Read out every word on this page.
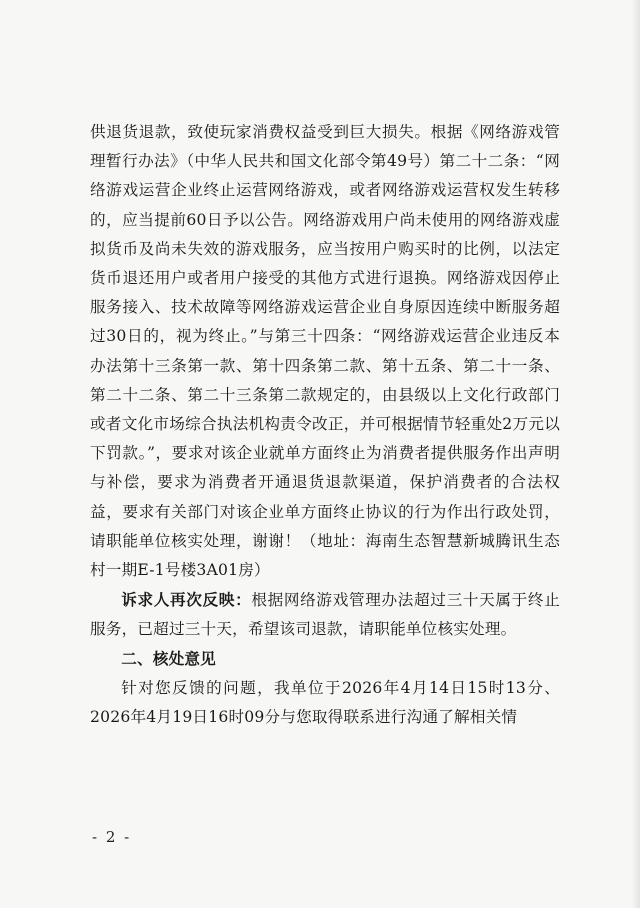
供退货退款，致使玩家消费权益受到巨大损失。根据《网络游戏管理暂行办法》（中华人民共和国文化部令第49号）第二十二条：“网络游戏运营企业终止运营网络游戏，或者网络游戏运营权发生转移的，应当提前60日予以公告。网络游戏用户尚未使用的网络游戏虚拟货币及尚未失效的游戏服务，应当按用户购买时的比例，以法定货币退还用户或者用户接受的其他方式进行退换。网络游戏因停止服务接入、技术故障等网络游戏运营企业自身原因连续中断服务超过30日的，视为终止。”与第三十四条：“网络游戏运营企业违反本办法第十三条第一款、第十四条第二款、第十五条、第二十一条、第二十二条、第二十三条第二款规定的，由县级以上文化行政部门或者文化市场综合执法机构责令改正，并可根据情节轻重处2万元以下罚款。”，要求对该企业就单方面终止为消费者提供服务作出声明与补偿，要求为消费者开通退货退款渠道，保护消费者的合法权益，要求有关部门对该企业单方面终止协议的行为作出行政处罚，请职能单位核实处理，谢谢！（地址：海南生态智慧新城腾讯生态村一期E-1号楼3A01房）

诉求人再次反映：根据网络游戏管理办法超过三十天属于终止服务，已超过三十天，希望该司退款，请职能单位核实处理。

二、核处意见

针对您反馈的问题，我单位于2026年4月14日15时13分、2026年4月19日16时09分与您取得联系进行沟通了解相关情

- 2 -
